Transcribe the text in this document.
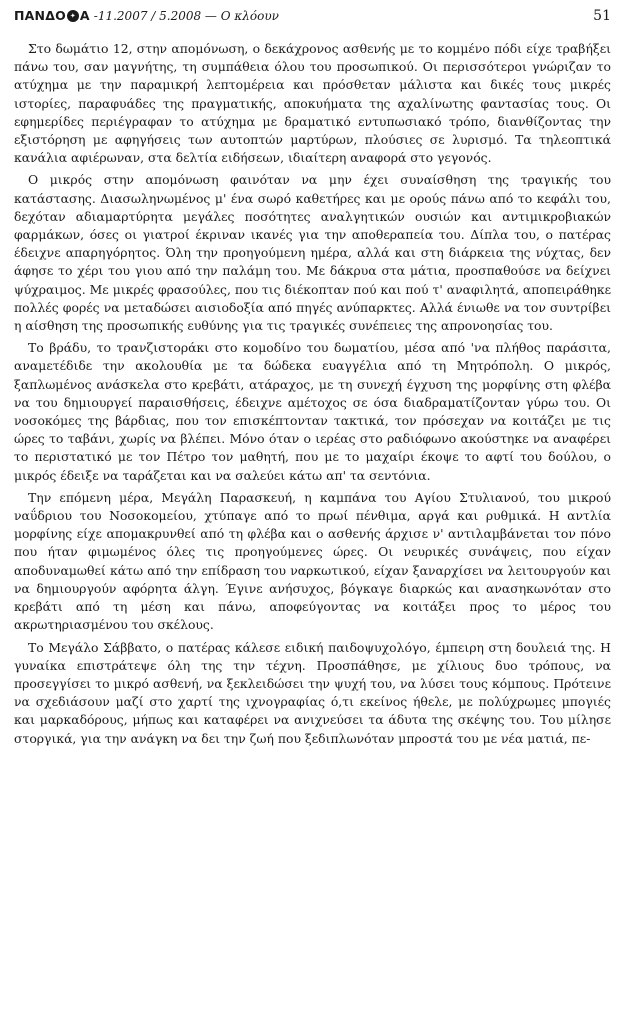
ΠΑΝΔΟ ✦ Α -11.2007 / 5.2008 — Ο κλόουν	51

Στο δωμάτιο 12, στην απομόνωση, ο δεκάχρονος ασθενής με το κομμένο πόδι είχε τραβήξει πάνω του, σαν μαγνήτης, τη συμπάθεια όλου του προσωπικού. Οι περισσότεροι γνώριζαν το ατύχημα με την παραμικρή λεπτομέρεια και πρόσθεταν μάλιστα και δικές τους μικρές ιστορίες, παραφυάδες της πραγματικής, αποκυήματα της αχαλίνωτης φαντασίας τους. Οι εφημερίδες περιέγραφαν το ατύχημα με δραματικό εντυπωσιακό τρόπο, διανθίζοντας την εξιστόρηση με αφηγήσεις των αυτοπτών μαρτύρων, πλούσιες σε λυρισμό. Τα τηλεοπτικά κανάλια αφιέρωναν, στα δελτία ειδήσεων, ιδιαίτερη αναφορά στο γεγονός.

Ο μικρός στην απομόνωση φαινόταν να μην έχει συναίσθηση της τραγικής του κατάστασης. Διασωληνωμένος μ' ένα σωρό καθετήρες και με ορούς πάνω από το κεφάλι του, δεχόταν αδιαμαρτύρητα μεγάλες ποσότητες αναλγητικών ουσιών και αντιμικροβιακών φαρμάκων, όσες οι γιατροί έκριναν ικανές για την αποθεραπεία του. Δίπλα του, ο πατέρας έδειχνε απαρηγόρητος. Όλη την προηγούμενη ημέρα, αλλά και στη διάρκεια της νύχτας, δεν άφησε το χέρι του γιου από την παλάμη του. Με δάκρυα στα μάτια, προσπαθούσε να δείχνει ψύχραιμος. Με μικρές φρασούλες, που τις διέκοπταν πού και πού τ' αναφιλητά, αποπειράθηκε πολλές φορές να μεταδώσει αισιοδοξία από πηγές ανύπαρκτες. Αλλά ένιωθε να τον συντρίβει η αίσθηση της προσωπικής ευθύνης για τις τραγικές συνέπειες της απρονοησίας του.

Το βράδυ, το τρανζιστοράκι στο κομοδίνο του δωματίου, μέσα από 'να πλήθος παράσιτα, αναμετέδιδε την ακολουθία με τα δώδεκα ευαγγέλια από τη Μητρόπολη. Ο μικρός, ξαπλωμένος ανάσκελα στο κρεβάτι, ατάραχος, με τη συνεχή έγχυση της μορφίνης στη φλέβα να του δημιουργεί παραισθήσεις, έδειχνε αμέτοχος σε όσα διαδραματίζονταν γύρω του. Οι νοσοκόμες της βάρδιας, που τον επισκέπτονταν τακτικά, τον πρόσεχαν να κοιτάζει με τις ώρες το ταβάνι, χωρίς να βλέπει. Μόνο όταν ο ιερέας στο ραδιόφωνο ακούστηκε να αναφέρει το περιστατικό με τον Πέτρο τον μαθητή, που με το μαχαίρι έκοψε το αφτί του δούλου, ο μικρός έδειξε να ταράζεται και να σαλεύει κάτω απ' τα σεντόνια.

Την επόμενη μέρα, Μεγάλη Παρασκευή, η καμπάνα του Αγίου Στυλιανού, του μικρού ναΰδριου του Νοσοκομείου, χτύπαγε από το πρωί πένθιμα, αργά και ρυθμικά. Η αντλία μορφίνης είχε απομακρυνθεί από τη φλέβα και ο ασθενής άρχισε ν' αντιλαμβάνεται τον πόνο που ήταν φιμωμένος όλες τις προηγούμενες ώρες. Οι νευρικές συνάψεις, που είχαν αποδυναμωθεί κάτω από την επίδραση του ναρκωτικού, είχαν ξαναρχίσει να λειτουργούν και να δημιουργούν αφόρητα άλγη. Έγινε ανήσυχος, βόγκαγε διαρκώς και ανασηκωνόταν στο κρεβάτι από τη μέση και πάνω, αποφεύγοντας να κοιτάξει προς το μέρος του ακρωτηριασμένου του σκέλους.

Το Μεγάλο Σάββατο, ο πατέρας κάλεσε ειδική παιδοψυχολόγο, έμπειρη στη δουλειά της. Η γυναίκα επιστράτεψε όλη της την τέχνη. Προσπάθησε, με χίλιους δυο τρόπους, να προσεγγίσει το μικρό ασθενή, να ξεκλειδώσει την ψυχή του, να λύσει τους κόμπους. Πρότεινε να σχεδιάσουν μαζί στο χαρτί της ιχνογραφίας ό,τι εκείνος ήθελε, με πολύχρωμες μπογιές και μαρκαδόρους, μήπως και καταφέρει να ανιχνεύσει τα άδυτα της σκέψης του. Του μίλησε στοργικά, για την ανάγκη να δει την ζωή που ξεδιπλωνόταν μπροστά του με νέα ματιά, πε-
